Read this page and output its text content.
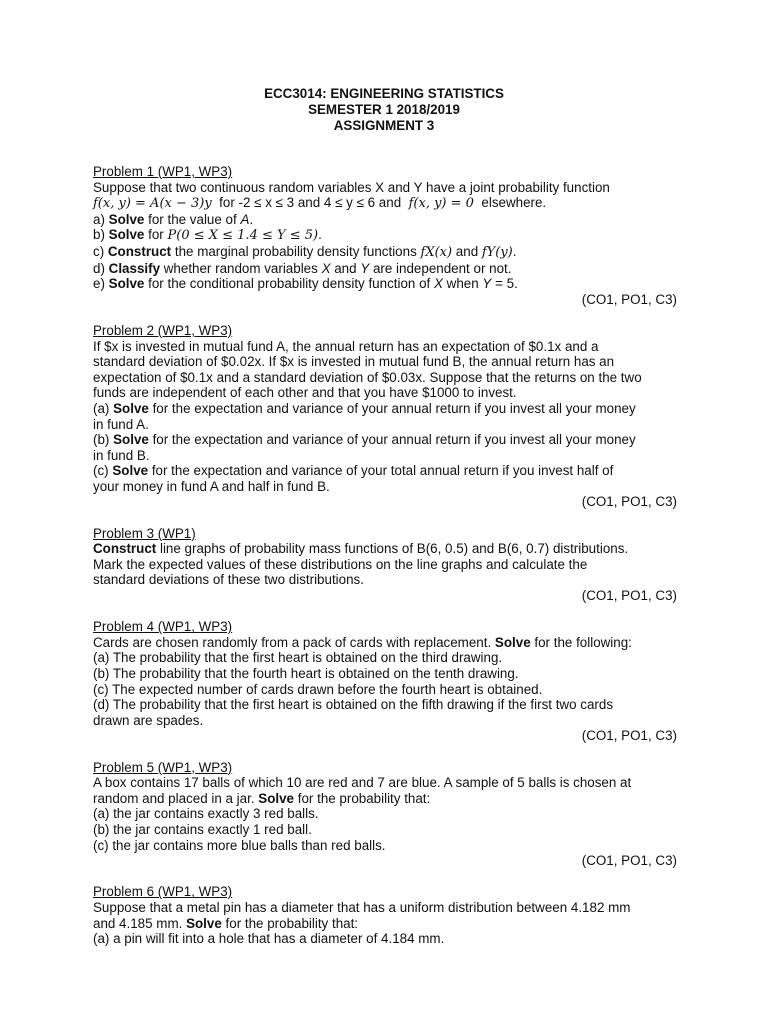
ECC3014: ENGINEERING STATISTICS
SEMESTER 1 2018/2019
ASSIGNMENT 3
Problem 1 (WP1, WP3)
Suppose that two continuous random variables X and Y have a joint probability function
f(x, y) = A(x − 3)y for -2 ≤ x ≤ 3 and 4 ≤ y ≤ 6 and f(x, y) = 0 elsewhere.
a) Solve for the value of A.
b) Solve for P(0 ≤ X ≤ 1.4 ≤ Y ≤ 5).
c) Construct the marginal probability density functions fX(x) and fY(y).
d) Classify whether random variables X and Y are independent or not.
e) Solve for the conditional probability density function of X when Y = 5.
(CO1, PO1, C3)
Problem 2 (WP1, WP3)
If $x is invested in mutual fund A, the annual return has an expectation of $0.1x and a
standard deviation of $0.02x. If $x is invested in mutual fund B, the annual return has an
expectation of $0.1x and a standard deviation of $0.03x. Suppose that the returns on the two
funds are independent of each other and that you have $1000 to invest.
(a) Solve for the expectation and variance of your annual return if you invest all your money
in fund A.
(b) Solve for the expectation and variance of your annual return if you invest all your money
in fund B.
(c) Solve for the expectation and variance of your total annual return if you invest half of
your money in fund A and half in fund B.
(CO1, PO1, C3)
Problem 3 (WP1)
Construct line graphs of probability mass functions of B(6, 0.5) and B(6, 0.7) distributions.
Mark the expected values of these distributions on the line graphs and calculate the
standard deviations of these two distributions.
(CO1, PO1, C3)
Problem 4 (WP1, WP3)
Cards are chosen randomly from a pack of cards with replacement. Solve for the following:
(a) The probability that the first heart is obtained on the third drawing.
(b) The probability that the fourth heart is obtained on the tenth drawing.
(c) The expected number of cards drawn before the fourth heart is obtained.
(d) The probability that the first heart is obtained on the fifth drawing if the first two cards
drawn are spades.
(CO1, PO1, C3)
Problem 5 (WP1, WP3)
A box contains 17 balls of which 10 are red and 7 are blue. A sample of 5 balls is chosen at
random and placed in a jar. Solve for the probability that:
(a) the jar contains exactly 3 red balls.
(b) the jar contains exactly 1 red ball.
(c) the jar contains more blue balls than red balls.
(CO1, PO1, C3)
Problem 6 (WP1, WP3)
Suppose that a metal pin has a diameter that has a uniform distribution between 4.182 mm
and 4.185 mm. Solve for the probability that:
(a) a pin will fit into a hole that has a diameter of 4.184 mm.
